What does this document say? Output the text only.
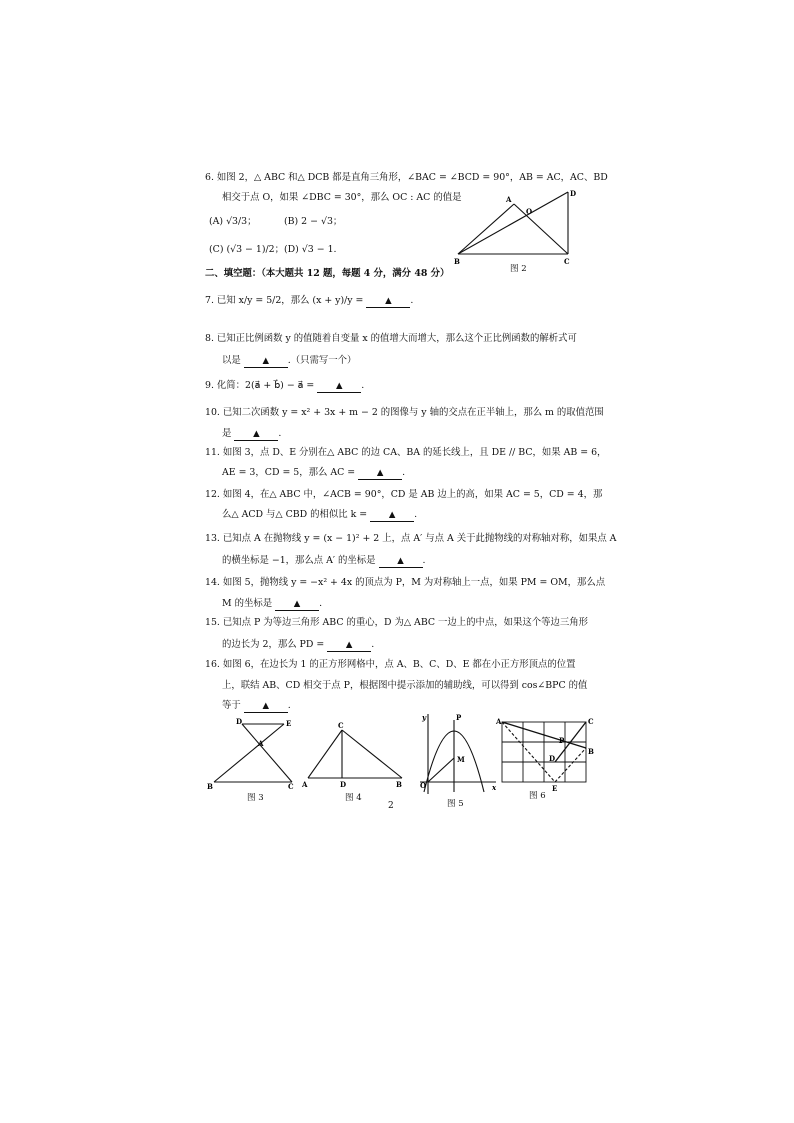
6. 如图 2，△ ABC 和△ DCB 都是直角三角形，∠BAC = ∠BCD = 90°，AB = AC，AC、BD
相交于点 O，如果 ∠DBC = 30°，那么 OC : AC 的值是
(A) √3/3；	(B) 2 − √3；
(C) (√3 − 1)/2； (D) √3 − 1.
B	C
D
A
O
图 2
二、填空题：（本大题共 12 题，每题 4 分，满分 48 分）
7. 已知 x/y = 5/2，那么 (x + y)/y =	▲ .
8. 已知正比例函数 y 的值随着自变量 x 的值增大而增大，那么这个正比例函数的解析式可
以是	▲ .（只需写一个）
9. 化简：2(a⃗ + b⃗) − a⃗ =	▲ .
10. 已知二次函数 y = x² + 3x + m − 2 的图像与 y 轴的交点在正半轴上，那么 m 的取值范围
是	▲ .
11. 如图 3，点 D、E 分别在△ ABC 的边 CA、BA 的延长线上，且 DE // BC，如果 AB = 6，
AE = 3，CD = 5，那么 AC =	▲ .
12. 如图 4，在△ ABC 中，∠ACB = 90°，CD 是 AB 边上的高，如果 AC = 5，CD = 4，那
么△ ACD 与△ CBD 的相似比 k =	▲ .
13. 已知点 A 在抛物线 y = (x − 1)² + 2 上，点 A′ 与点 A 关于此抛物线的对称轴对称，如果点 A
的横坐标是 −1，那么点 A′ 的坐标是	▲ .
14. 如图 5，抛物线 y = −x² + 4x 的顶点为 P，M 为对称轴上一点，如果 PM = OM，那么点
M 的坐标是	▲ .
15. 已知点 P 为等边三角形 ABC 的重心，D 为△ ABC 一边上的中点，如果这个等边三角形
的边长为 2，那么 PD =	▲ .
16. 如图 6，在边长为 1 的正方形网格中，点 A、B、C、D、E 都在小正方形顶点的位置
上，联结 AB、CD 相交于点 P，根据图中提示添加的辅助线，可以得到 cos∠BPC 的值
等于	▲ .
D	E
A
B	C
图 3
C
A	D	B
图 4
y
x
O
P
M
图 5
A	C
B
P
D
E
图 6
2
